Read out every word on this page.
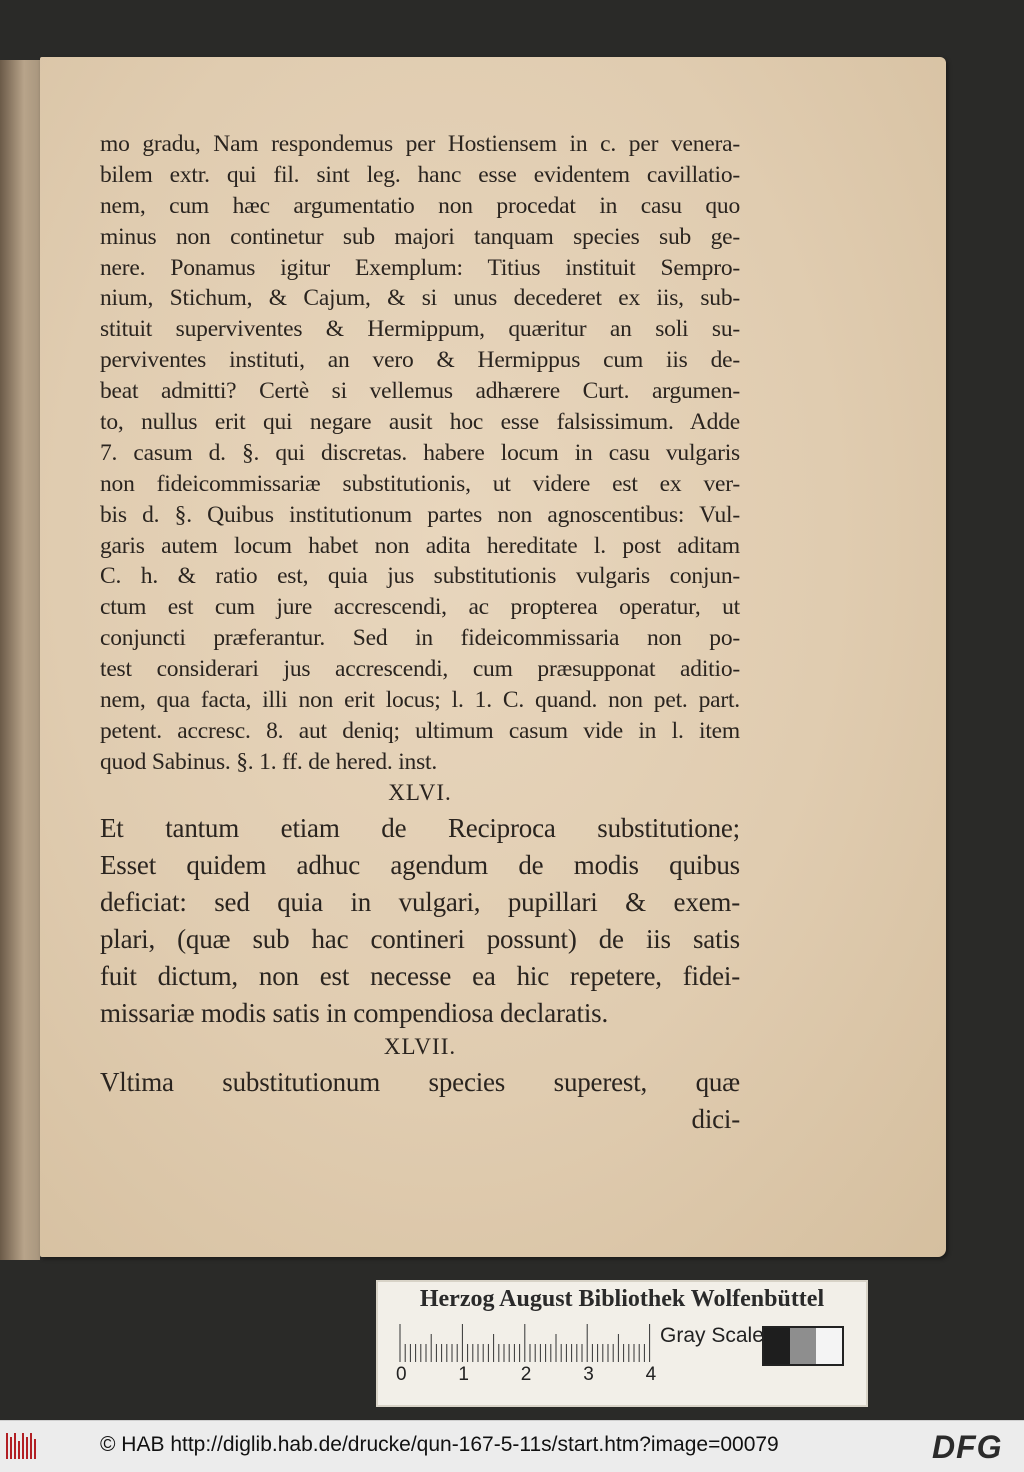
mo gradu, Nam respondemus per Hostiensem in c. per venera-
bilem extr. qui fil. sint leg. hanc esse evidentem cavillatio-
nem, cum hæc argumentatio non procedat in casu quo
minus non continetur sub majori tanquam species sub ge-
nere. Ponamus igitur Exemplum: Titius instituit Sempro-
nium, Stichum, & Cajum, & si unus decederet ex iis, sub-
stituit superviventes & Hermippum, quæritur an soli su-
perviventes instituti, an vero & Hermippus cum iis de-
beat admitti? Certè si vellemus adhærere Curt. argumen-
to, nullus erit qui negare ausit hoc esse falsissimum. Adde
7. casum d. §. qui discretas. habere locum in casu vulgaris
non fideicommissariæ substitutionis, ut videre est ex ver-
bis d. §. Quibus institutionum partes non agnoscentibus: Vul-
garis autem locum habet non adita hereditate l. post aditam
C. h. & ratio est, quia jus substitutionis vulgaris conjun-
ctum est cum jure accrescendi, ac propterea operatur, ut
conjuncti præferantur. Sed in fideicommissaria non po-
test considerari jus accrescendi, cum præsupponat aditio-
nem, qua facta, illi non erit locus; l. 1. C. quand. non pet. part.
petent. accresc. 8. aut deniq; ultimum casum vide in l. item
quod Sabinus. §. 1. ff. de hered. inst.
XLVI.
Et tantum etiam de Reciproca substitutione;
Esset quidem adhuc agendum de modis quibus
deficiat: sed quia in vulgari, pupillari & exem-
plari, (quæ sub hac contineri possunt) de iis satis
fuit dictum, non est necesse ea hic repetere, fidei-
missariæ modis satis in compendiosa declaratis.
XLVII.
Vltima substitutionum species superest, quæ
dici-
Herzog August Bibliothek Wolfenbüttel
0	1	2	3	4
Gray Scale
© HAB http://diglib.hab.de/drucke/qun-167-5-11s/start.htm?image=00079	DFG
